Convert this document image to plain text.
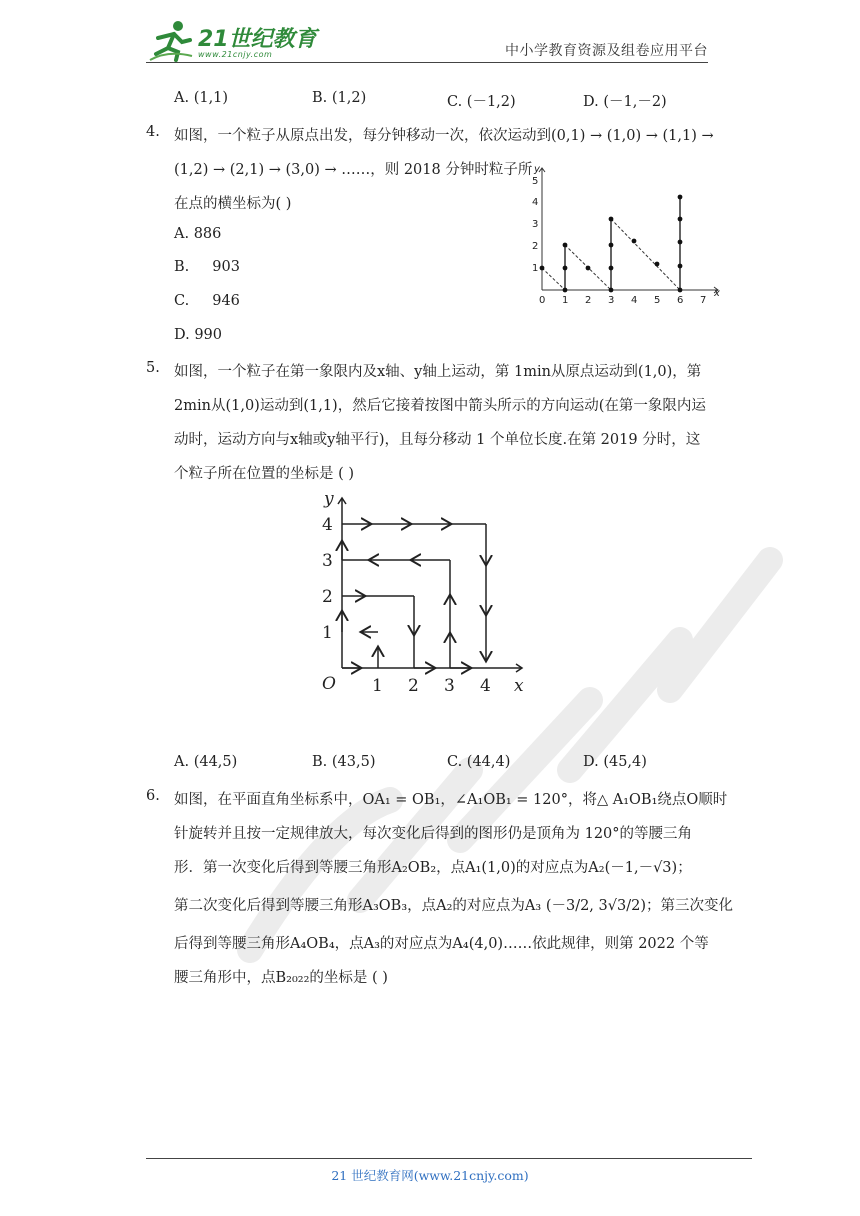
21世纪教育
www.21cnjy.com	中小学教育资源及组卷应用平台
A. (1,1)	B. (1,2)	C. (－1,2)	D. (－1,－2)
4. 如图，一个粒子从原点出发，每分钟移动一次，依次运动到(0,1) → (1,0) → (1,1) →
(1,2) → (2,1) → (3,0) → ……，则 2018 分钟时粒子所
在点的横坐标为( )
A. 886
B.     903
C.     946
D. 990
y
x
0 1 2 3 4 5 6 7
1
2
3
4
5
5. 如图，一个粒子在第一象限内及x轴、y轴上运动，第 1min从原点运动到(1,0)，第
2min从(1,0)运动到(1,1)，然后它接着按图中箭头所示的方向运动(在第一象限内运
动时，运动方向与x轴或y轴平行)，且每分移动 1 个单位长度.在第 2019 分时，这
个粒子所在位置的坐标是 ( )
y
x
O 1 2 3 4
1
2
3
4
A. (44,5)	B. (43,5)	C. (44,4)	D. (45,4)
6. 如图，在平面直角坐标系中，OA₁ = OB₁，∠A₁OB₁ = 120°，将△ A₁OB₁绕点O顺时
针旋转并且按一定规律放大，每次变化后得到的图形仍是顶角为 120°的等腰三角
形．第一次变化后得到等腰三角形A₂OB₂，点A₁(1,0)的对应点为A₂(－1,－√3)；
第二次变化后得到等腰三角形A₃OB₃，点A₂的对应点为A₃ (－3/2, 3√3/2)；第三次变化
后得到等腰三角形A₄OB₄，点A₃的对应点为A₄(4,0)……依此规律，则第 2022 个等
腰三角形中，点B₂₀₂₂的坐标是 ( )
21 世纪教育网(www.21cnjy.com)
